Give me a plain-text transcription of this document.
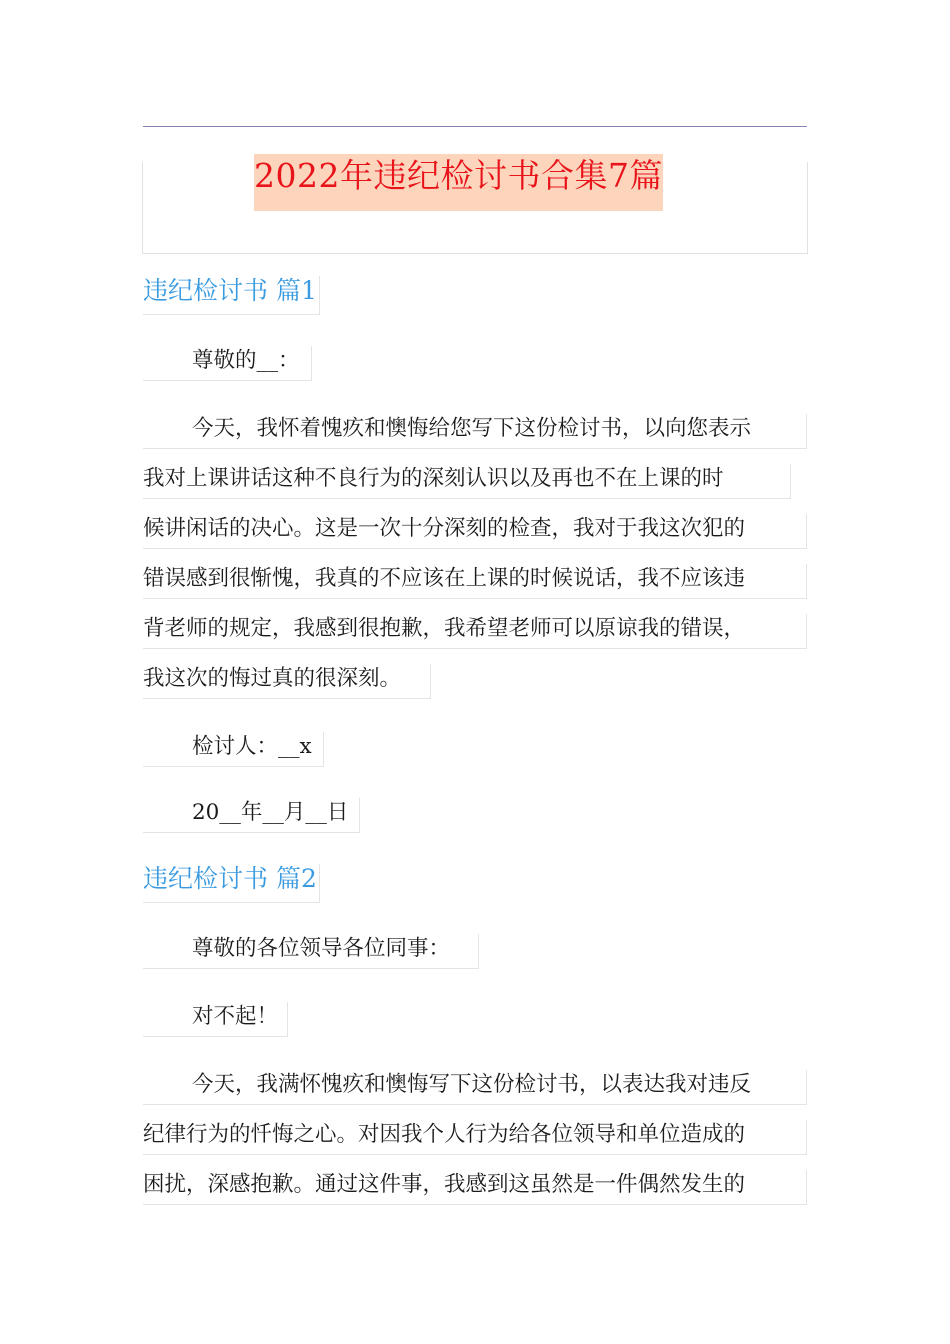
2022年违纪检讨书合集7篇
违纪检讨书 篇1
尊敬的__：
今天，我怀着愧疚和懊悔给您写下这份检讨书，以向您表示
我对上课讲话这种不良行为的深刻认识以及再也不在上课的时
候讲闲话的决心。这是一次十分深刻的检查，我对于我这次犯的
错误感到很惭愧，我真的不应该在上课的时候说话，我不应该违
背老师的规定，我感到很抱歉，我希望老师可以原谅我的错误，
我这次的悔过真的很深刻。
检讨人：__x
20__年__月__日
违纪检讨书 篇2
尊敬的各位领导各位同事：
对不起！
今天，我满怀愧疚和懊悔写下这份检讨书，以表达我对违反
纪律行为的忏悔之心。对因我个人行为给各位领导和单位造成的
困扰，深感抱歉。通过这件事，我感到这虽然是一件偶然发生的
